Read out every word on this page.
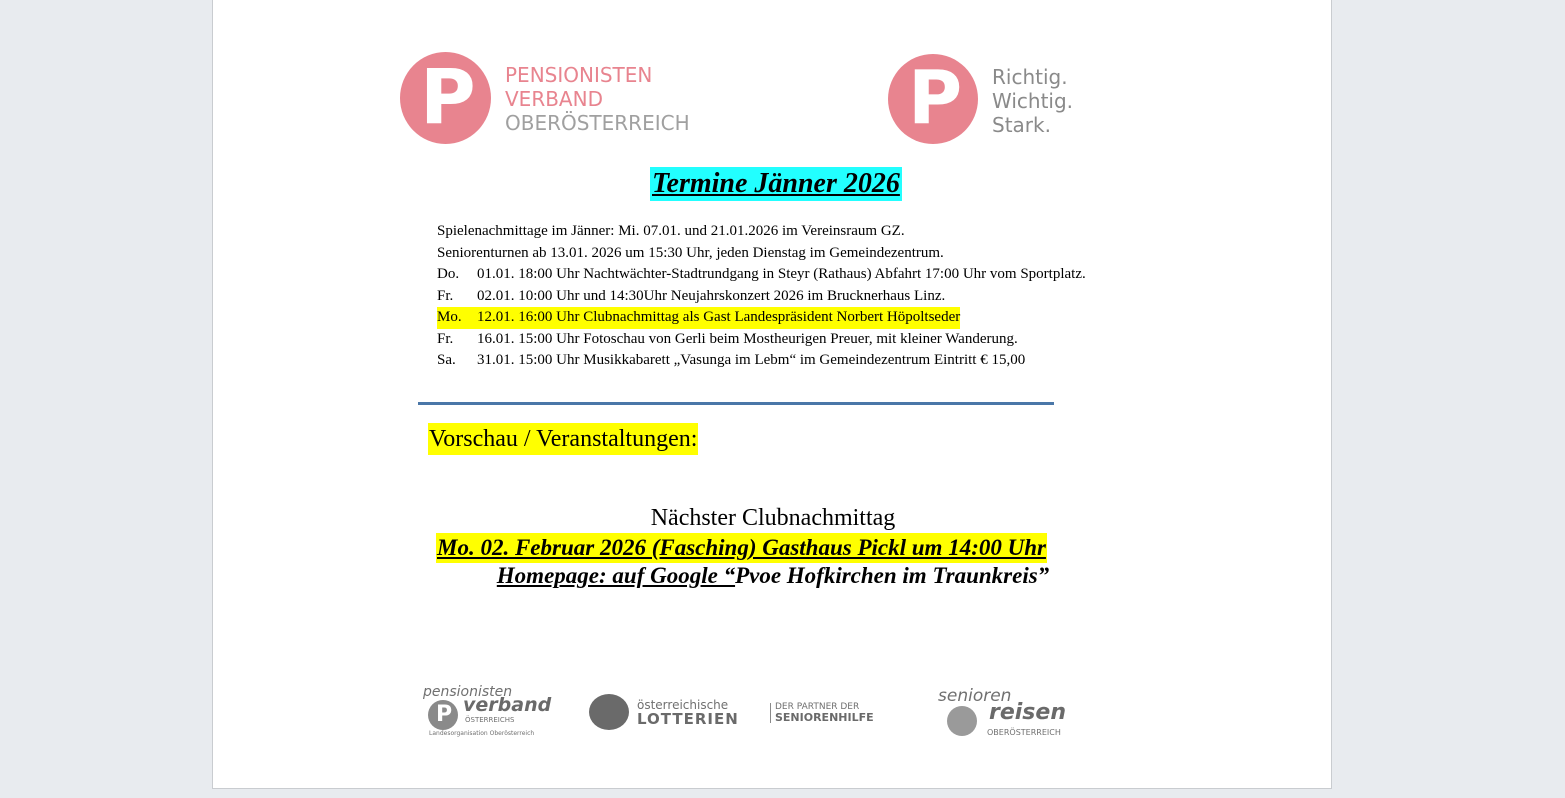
P PENSIONISTEN
VERBAND
OBERÖSTERREICH	P Richtig.
Wichtig.
Stark.
Termine Jänner 2026
Spielenachmittage im Jänner: Mi. 07.01. und 21.01.2026 im Vereinsraum GZ.
Seniorenturnen ab 13.01. 2026 um 15:30 Uhr, jeden Dienstag im Gemeindezentrum.
Do. 01.01. 18:00 Uhr Nachtwächter-Stadtrundgang in Steyr (Rathaus) Abfahrt 17:00 Uhr vom Sportplatz.
Fr. 02.01. 10:00 Uhr und 14:30Uhr Neujahrskonzert 2026 im Brucknerhaus Linz.
Mo. 12.01. 16:00 Uhr Clubnachmittag als Gast Landespräsident Norbert Höpoltseder
Fr. 16.01. 15:00 Uhr Fotoschau von Gerli beim Mostheurigen Preuer, mit kleiner Wanderung.
Sa. 31.01. 15:00 Uhr Musikkabarett „Vasunga im Lebm“ im Gemeindezentrum Eintritt € 15,00
Vorschau / Veranstaltungen:
Nächster Clubnachmittag
Mo. 02. Februar 2026 (Fasching) Gasthaus Pickl um 14:00 Uhr
Homepage: auf Google “Pvoe Hofkirchen im Traunkreis”
pensionisten
P verband
ÖSTERREICHS
Landesorganisation Oberösterreich
österreichische
LOTTERIEN
DER PARTNER DER
SENIORENHILFE
senioren
reisen
OBERÖSTERREICH
